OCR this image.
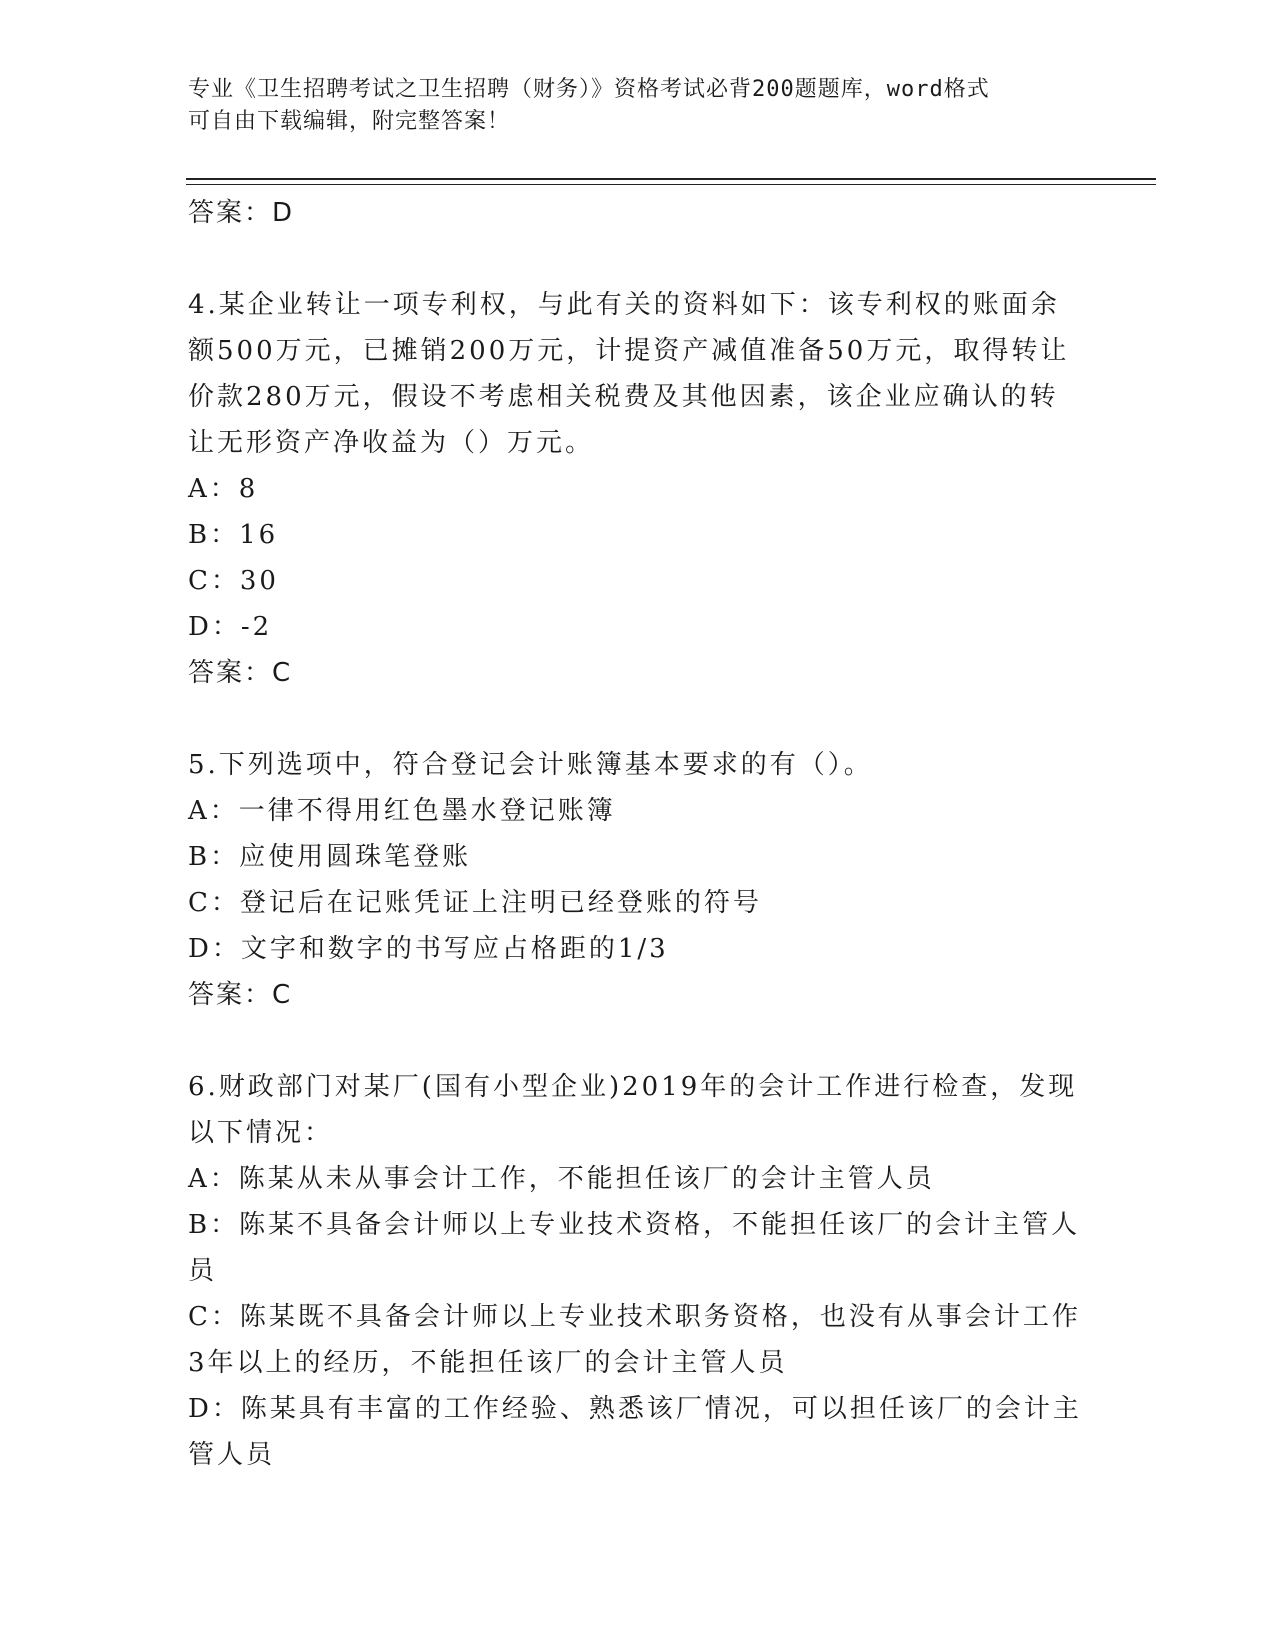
专业《卫生招聘考试之卫生招聘（财务）》资格考试必背200题题库，word格式
可自由下载编辑，附完整答案！
答案：D
4.某企业转让一项专利权，与此有关的资料如下：该专利权的账面余
额500万元，已摊销200万元，计提资产减值准备50万元，取得转让
价款280万元，假设不考虑相关税费及其他因素，该企业应确认的转
让无形资产净收益为（）万元。
A：8
B：16
C：30
D：-2
答案：C
5.下列选项中，符合登记会计账簿基本要求的有（）。
A：一律不得用红色墨水登记账簿
B：应使用圆珠笔登账
C：登记后在记账凭证上注明已经登账的符号
D：文字和数字的书写应占格距的1/3
答案：C
6.财政部门对某厂(国有小型企业)2019年的会计工作进行检查，发现
以下情况：
A：陈某从未从事会计工作，不能担任该厂的会计主管人员
B：陈某不具备会计师以上专业技术资格，不能担任该厂的会计主管人
员
C：陈某既不具备会计师以上专业技术职务资格，也没有从事会计工作
3年以上的经历，不能担任该厂的会计主管人员
D：陈某具有丰富的工作经验、熟悉该厂情况，可以担任该厂的会计主
管人员
